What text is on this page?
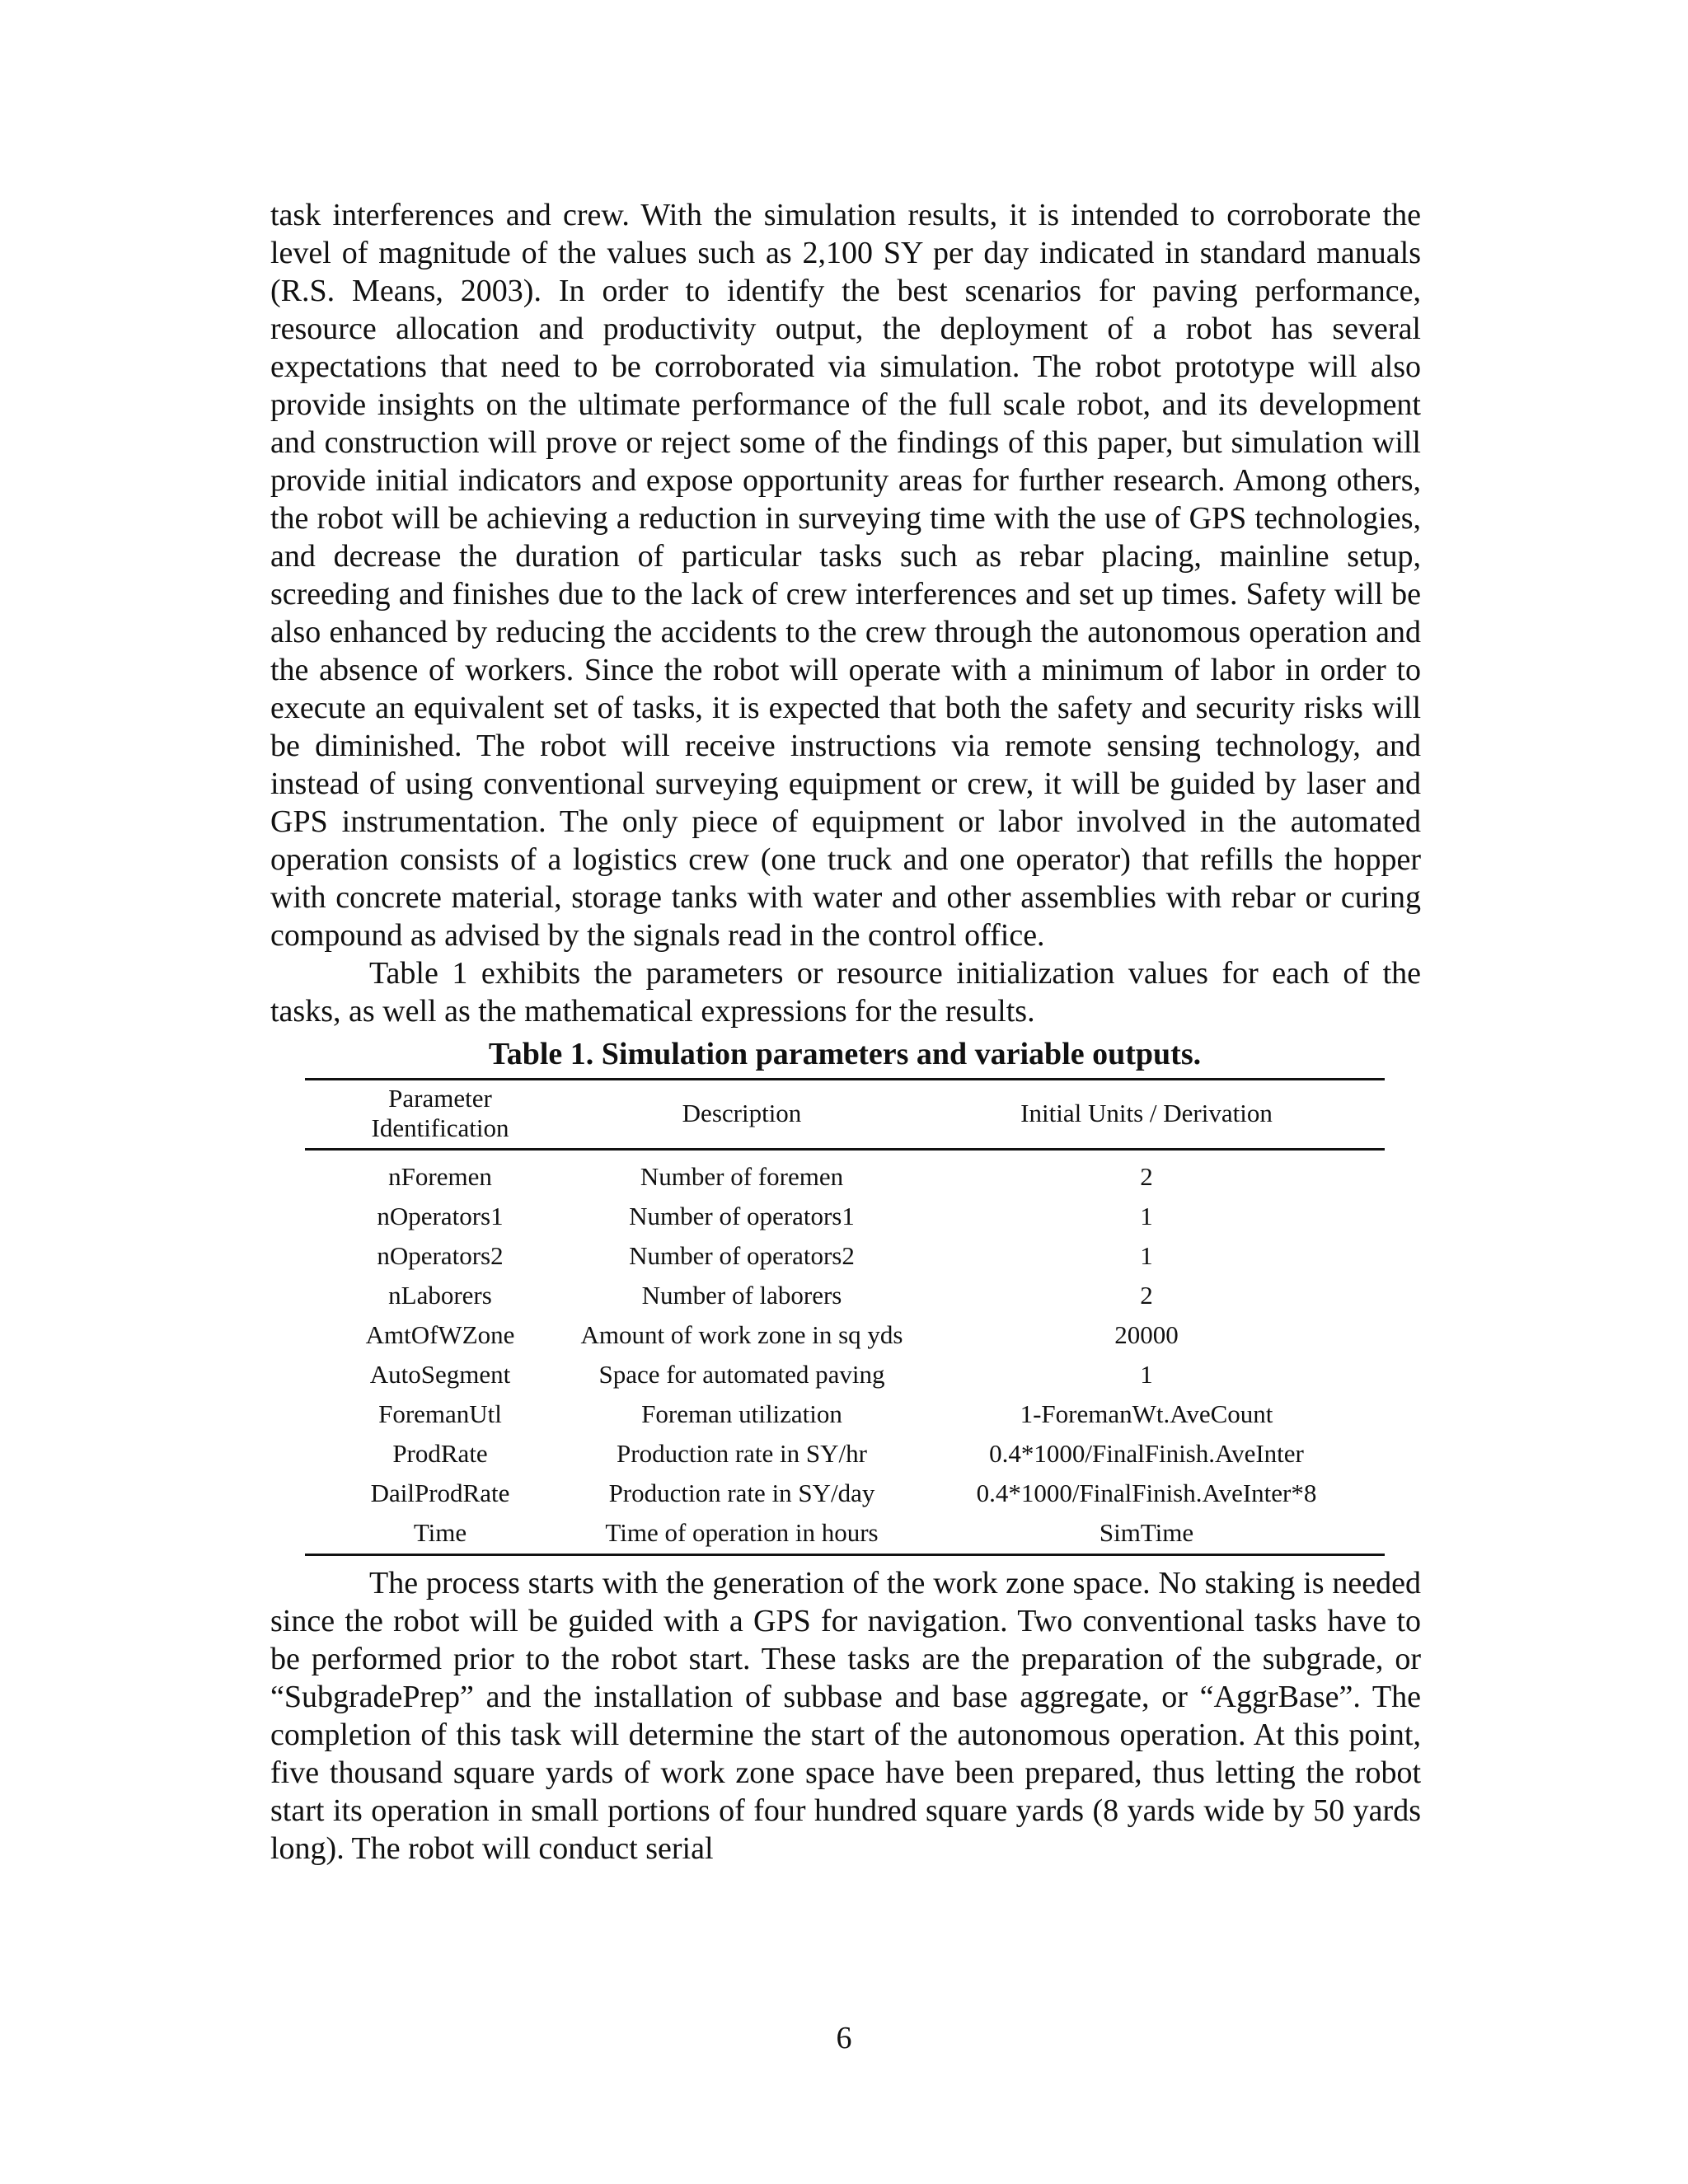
task interferences and crew. With the simulation results, it is intended to corroborate the level of magnitude of the values such as 2,100 SY per day indicated in standard manuals (R.S. Means, 2003). In order to identify the best scenarios for paving performance, resource allocation and productivity output, the deployment of a robot has several expectations that need to be corroborated via simulation. The robot prototype will also provide insights on the ultimate performance of the full scale robot, and its development and construction will prove or reject some of the findings of this paper, but simulation will provide initial indicators and expose opportunity areas for further research. Among others, the robot will be achieving a reduction in surveying time with the use of GPS technologies, and decrease the duration of particular tasks such as rebar placing, mainline setup, screeding and finishes due to the lack of crew interferences and set up times. Safety will be also enhanced by reducing the accidents to the crew through the autonomous operation and the absence of workers. Since the robot will operate with a minimum of labor in order to execute an equivalent set of tasks, it is expected that both the safety and security risks will be diminished. The robot will receive instructions via remote sensing technology, and instead of using conventional surveying equipment or crew, it will be guided by laser and GPS instrumentation. The only piece of equipment or labor involved in the automated operation consists of a logistics crew (one truck and one operator) that refills the hopper with concrete material, storage tanks with water and other assemblies with rebar or curing compound as advised by the signals read in the control office.

Table 1 exhibits the parameters or resource initialization values for each of the tasks, as well as the mathematical expressions for the results.

Table 1. Simulation parameters and variable outputs.
Parameter
Identification	Description	Initial Units / Derivation
nForemen	Number of foremen	2
nOperators1	Number of operators1	1
nOperators2	Number of operators2	1
nLaborers	Number of laborers	2
AmtOfWZone	Amount of work zone in sq yds	20000
AutoSegment	Space for automated paving	1
ForemanUtl	Foreman utilization	1-ForemanWt.AveCount
ProdRate	Production rate in SY/hr	0.4*1000/FinalFinish.AveInter
DailProdRate	Production rate in SY/day	0.4*1000/FinalFinish.AveInter*8
Time	Time of operation in hours	SimTime

The process starts with the generation of the work zone space. No staking is needed since the robot will be guided with a GPS for navigation. Two conventional tasks have to be performed prior to the robot start. These tasks are the preparation of the subgrade, or “SubgradePrep” and the installation of subbase and base aggregate, or “AggrBase”. The completion of this task will determine the start of the autonomous operation. At this point, five thousand square yards of work zone space have been prepared, thus letting the robot start its operation in small portions of four hundred square yards (8 yards wide by 50 yards long). The robot will conduct serial

6
